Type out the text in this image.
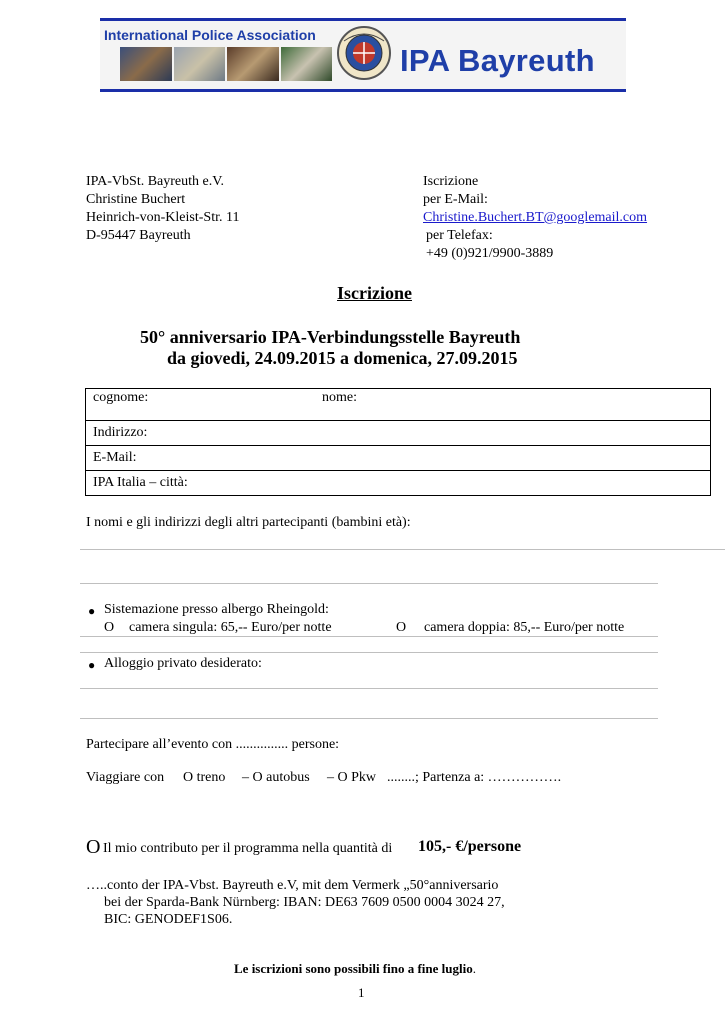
International Police Association
IPA Bayreuth
IPA-VbSt. Bayreuth e.V.
Christine Buchert
Heinrich-von-Kleist-Str. 11
D-95447 Bayreuth
Iscrizione
per E-Mail:
Christine.Buchert.BT@googlemail.com
per Telefax:
+49 (0)921/9900-3889
Iscrizione
50° anniversario IPA-Verbindungsstelle Bayreuth
da giovedi, 24.09.2015 a domenica, 27.09.2015
cognome:	nome:
Indirizzo:
E-Mail:
IPA Italia – città:
I nomi e gli indirizzi degli altri partecipanti (bambini età):
● Sistemazione presso albergo Rheingold:
O camera singula: 65,-- Euro/per notte	O camera doppia: 85,-- Euro/per notte
● Alloggio privato desiderato:
Partecipare all’evento con ............... persone:
Viaggiare con O treno – O autobus – O Pkw ........; Partenza a: …………….
O Il mio contributo per il programma nella quantità di 105,- €/persone
…..conto der IPA-Vbst. Bayreuth e.V, mit dem Vermerk „50°anniversario
bei der Sparda-Bank Nürnberg: IBAN: DE63 7609 0500 0004 3024 27,
BIC: GENODEF1S06.
Le iscrizioni sono possibili fino a fine luglio.
1
